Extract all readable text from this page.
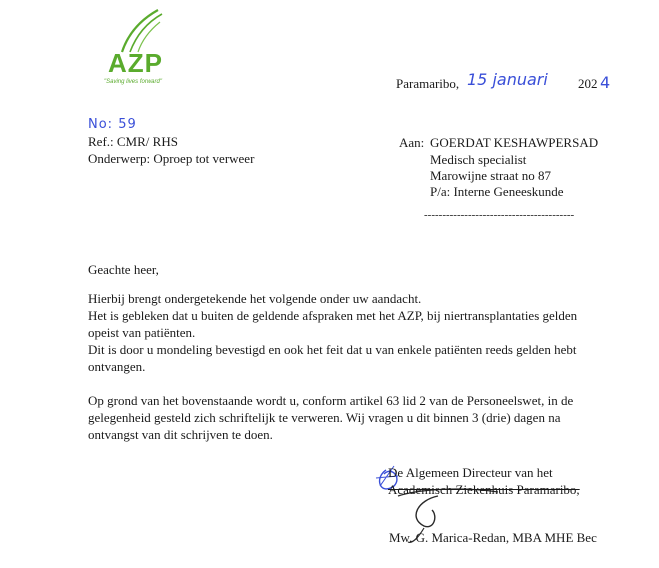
AZP
"Saving lives forward"	Paramaribo, 15 januari 202 4
No: 59
Ref.: CMR/ RHS
Onderwerp: Oproep tot verweer
Aan: GOERDAT KESHAWPERSAD
Medisch specialist
Marowijne straat no 87
P/a: Interne Geneeskunde
-----------------------------------------
Geachte heer,
Hierbij brengt ondergetekende het volgende onder uw aandacht.
Het is gebleken dat u buiten de geldende afspraken met het AZP, bij niertransplantaties gelden opeist van patiënten.
Dit is door u mondeling bevestigd en ook het feit dat u van enkele patiënten reeds gelden hebt ontvangen.
Op grond van het bovenstaande wordt u, conform artikel 63 lid 2 van de Personeelswet, in de gelegenheid gesteld zich schriftelijk te verweren. Wij vragen u dit binnen 3 (drie) dagen na ontvangst van dit schrijven te doen.
De Algemeen Directeur van het
Academisch Ziekenhuis Paramaribo,
Mw. G. Marica-Redan, MBA MHE Bec
